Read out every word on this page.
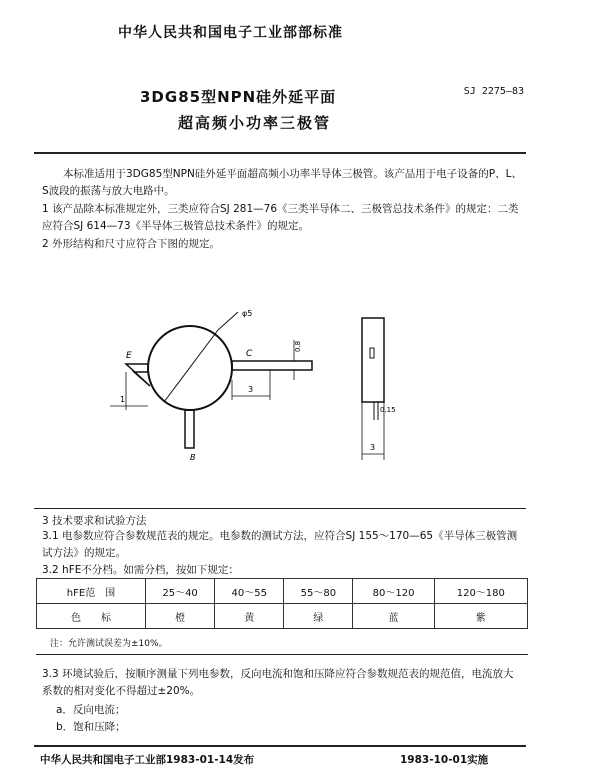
中华人民共和国电子工业部部标准
3DG85型NPN硅外延平面
超高频小功率三极管
SJ 2275—83
本标准适用于3DG85型NPN硅外延平面超高频小功率半导体三极管。该产品用于电子设备的P、L、S波段的振荡与放大电路中。
1 该产品除本标准规定外，三类应符合SJ 281—76《三类半导体二、三极管总技术条件》的规定：二类应符合SJ 614—73《半导体三极管总技术条件》的规定。
2 外形结构和尺寸应符合下图的规定。
φ5
E	C
B
0.8
3
1
0.15
3
3 技术要求和试验方法
3.1 电参数应符合参数规范表的规定。电参数的测试方法，应符合SJ 155～170—65《半导体三极管测试方法》的规定。
3.2 hFE不分档。如需分档，按如下规定：
hFE范　围	25～40	40～55	55～80	80～120	120～180
色　　标	橙	黄	绿	蓝	紫
注：允许测试误差为±10%。
3.3 环境试验后，按顺序测量下列电参数，反向电流和饱和压降应符合参数规范表的规范值，电流放大系数的相对变化不得超过±20%。
a．反向电流；
b．饱和压降；
中华人民共和国电子工业部1983-01-14发布	1983-10-01实施
